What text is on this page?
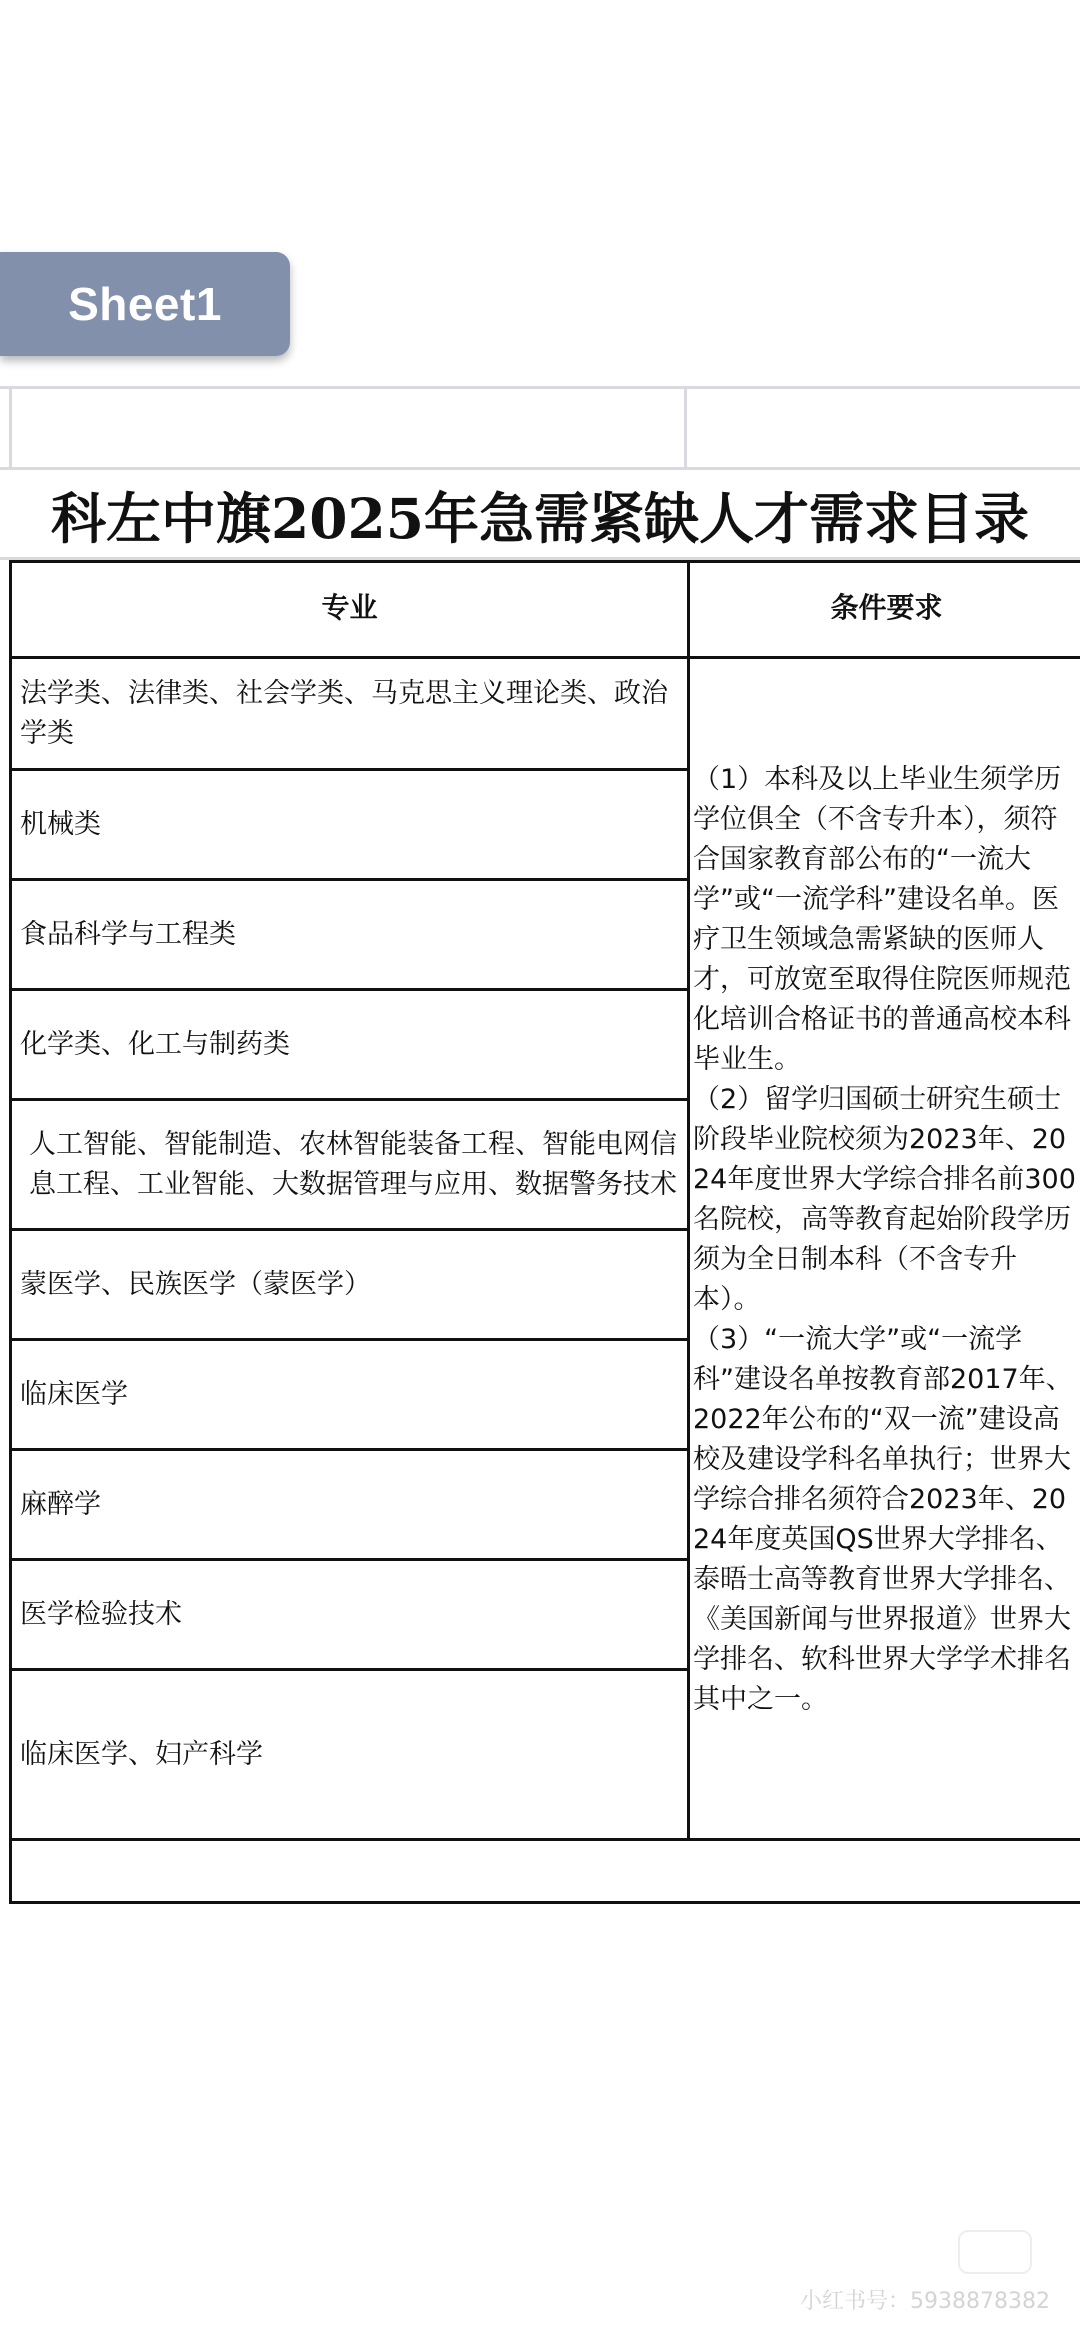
Sheet1
科左中旗2025年急需紧缺人才需求目录
专业	条件要求
法学类、法律类、社会学类、马克思主义理论类、政治学类
机械类
食品科学与工程类
化学类、化工与制药类
人工智能、智能制造、农林智能装备工程、智能电网信息工程、工业智能、大数据管理与应用、数据警务技术
蒙医学、民族医学（蒙医学）
临床医学
麻醉学
医学检验技术
临床医学、妇产科学
（1）本科及以上毕业生须学历学位俱全（不含专升本），须符合国家教育部公布的“一流大学”或“一流学科”建设名单。医疗卫生领域急需紧缺的医师人才，可放宽至取得住院医师规范化培训合格证书的普通高校本科毕业生。
（2）留学归国硕士研究生硕士阶段毕业院校须为2023年、2024年度世界大学综合排名前300名院校，高等教育起始阶段学历须为全日制本科（不含专升本）。
（3）“一流大学”或“一流学科”建设名单按教育部2017年、2022年公布的“双一流”建设高校及建设学科名单执行；世界大学综合排名须符合2023年、2024年度英国QS世界大学排名、泰晤士高等教育世界大学排名、《美国新闻与世界报道》世界大学排名、软科世界大学学术排名其中之一。
小红书号：5938878382
